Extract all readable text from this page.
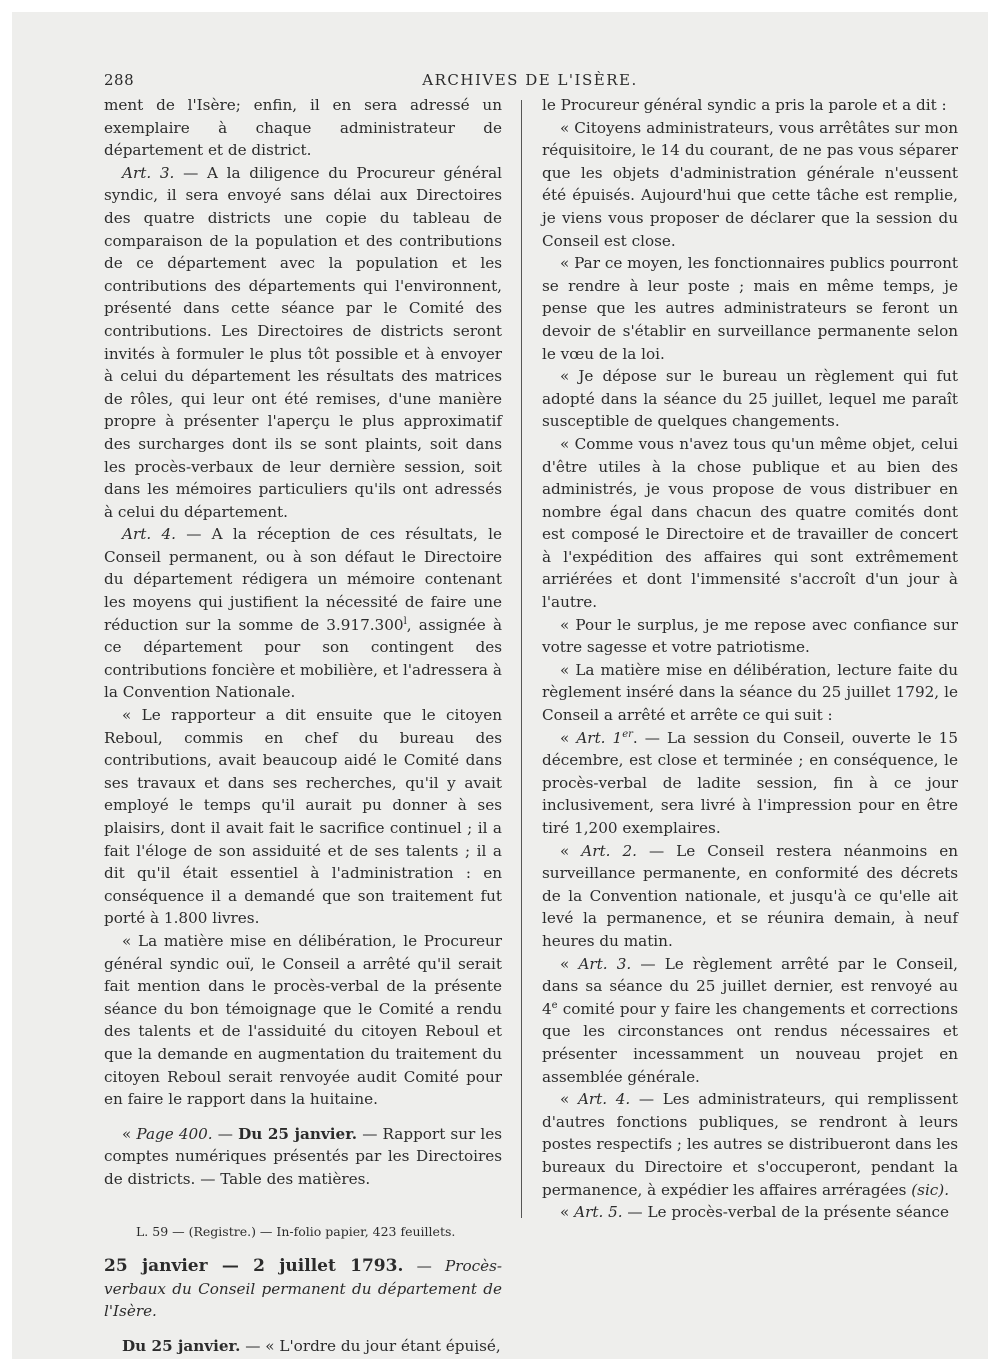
288	ARCHIVES DE L'ISÈRE.

ment de l'Isère; enfin, il en sera adressé un exemplaire à chaque administrateur de département et de district.

Art. 3. — A la diligence du Procureur général syndic, il sera envoyé sans délai aux Directoires des quatre districts une copie du tableau de comparaison de la population et des contributions de ce département avec la population et les contributions des départements qui l'environnent, présenté dans cette séance par le Comité des contributions. Les Directoires de districts seront invités à formuler le plus tôt possible et à envoyer à celui du département les résultats des matrices de rôles, qui leur ont été remises, d'une manière propre à présenter l'aperçu le plus approximatif des surcharges dont ils se sont plaints, soit dans les procès-verbaux de leur dernière session, soit dans les mémoires particuliers qu'ils ont adressés à celui du département.

Art. 4. — A la réception de ces résultats, le Conseil permanent, ou à son défaut le Directoire du département rédigera un mémoire contenant les moyens qui justifient la nécessité de faire une réduction sur la somme de 3.917.300$^l$, assignée à ce département pour son contingent des contributions foncière et mobilière, et l'adressera à la Convention Nationale.

« Le rapporteur a dit ensuite que le citoyen Reboul, commis en chef du bureau des contributions, avait beaucoup aidé le Comité dans ses travaux et dans ses recherches, qu'il y avait employé le temps qu'il aurait pu donner à ses plaisirs, dont il avait fait le sacrifice continuel ; il a fait l'éloge de son assiduité et de ses talents ; il a dit qu'il était essentiel à l'administration : en conséquence il a demandé que son traitement fut porté à 1.800 livres.

« La matière mise en délibération, le Procureur général syndic ouï, le Conseil a arrêté qu'il serait fait mention dans le procès-verbal de la présente séance du bon témoignage que le Comité a rendu des talents et de l'assiduité du citoyen Reboul et que la demande en augmentation du traitement du citoyen Reboul serait renvoyée audit Comité pour en faire le rapport dans la huitaine.

« Page 400. — Du 25 janvier. — Rapport sur les comptes numériques présentés par les Directoires de districts. — Table des matières.

L. 59 — (Registre.) — In-folio papier, 423 feuillets.

25 janvier — 2 juillet 1793. — Procès-verbaux du Conseil permanent du département de l'Isère.

Du 25 janvier. — « L'ordre du jour étant épuisé,

le Procureur général syndic a pris la parole et a dit :

« Citoyens administrateurs, vous arrêtâtes sur mon réquisitoire, le 14 du courant, de ne pas vous séparer que les objets d'administration générale n'eussent été épuisés. Aujourd'hui que cette tâche est remplie, je viens vous proposer de déclarer que la session du Conseil est close.

« Par ce moyen, les fonctionnaires publics pourront se rendre à leur poste ; mais en même temps, je pense que les autres administrateurs se feront un devoir de s'établir en surveillance permanente selon le vœu de la loi.

« Je dépose sur le bureau un règlement qui fut adopté dans la séance du 25 juillet, lequel me paraît susceptible de quelques changements.

« Comme vous n'avez tous qu'un même objet, celui d'être utiles à la chose publique et au bien des administrés, je vous propose de vous distribuer en nombre égal dans chacun des quatre comités dont est composé le Directoire et de travailler de concert à l'expédition des affaires qui sont extrêmement arriérées et dont l'immensité s'accroît d'un jour à l'autre.

« Pour le surplus, je me repose avec confiance sur votre sagesse et votre patriotisme.

« La matière mise en délibération, lecture faite du règlement inséré dans la séance du 25 juillet 1792, le Conseil a arrêté et arrête ce qui suit :

« Art. 1er. — La session du Conseil, ouverte le 15 décembre, est close et terminée ; en conséquence, le procès-verbal de ladite session, fin à ce jour inclusivement, sera livré à l'impression pour en être tiré 1,200 exemplaires.

« Art. 2. — Le Conseil restera néanmoins en surveillance permanente, en conformité des décrets de la Convention nationale, et jusqu'à ce qu'elle ait levé la permanence, et se réunira demain, à neuf heures du matin.

« Art. 3. — Le règlement arrêté par le Conseil, dans sa séance du 25 juillet dernier, est renvoyé au 4e comité pour y faire les changements et corrections que les circonstances ont rendus nécessaires et présenter incessamment un nouveau projet en assemblée générale.

« Art. 4. — Les administrateurs, qui remplissent d'autres fonctions publiques, se rendront à leurs postes respectifs ; les autres se distribueront dans les bureaux du Directoire et s'occuperont, pendant la permanence, à expédier les affaires arréragées (sic).

« Art. 5. — Le procès-verbal de la présente séance
